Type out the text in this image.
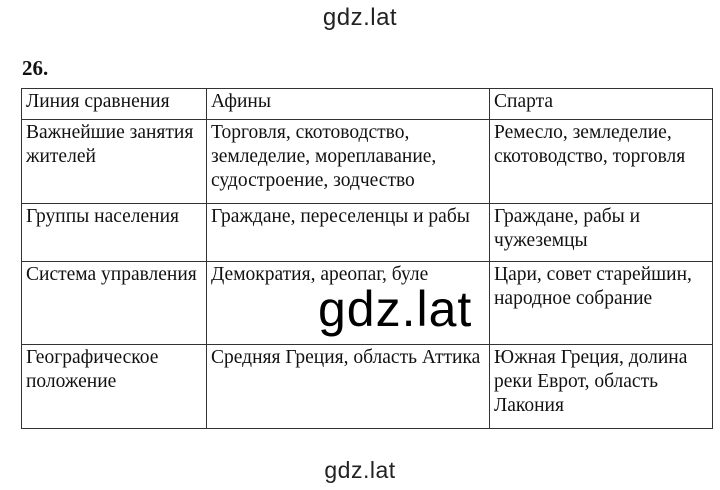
gdz.lat
26.
Линия сравнения	Афины	Спарта
Важнейшие занятия жителей	Торговля, скотоводство, земледелие, мореплавание, судостроение, зодчество	Ремесло, земледелие, скотоводство, торговля
Группы населения	Граждане, переселенцы и рабы	Граждане, рабы и чужеземцы
Система управления	Демократия, ареопаг, буле	Цари, совет старейшин, народное собрание
Географическое положение	Средняя Греция, область Аттика	Южная Греция, долина реки Еврот, область Лакония
gdz.lat
gdz.lat
